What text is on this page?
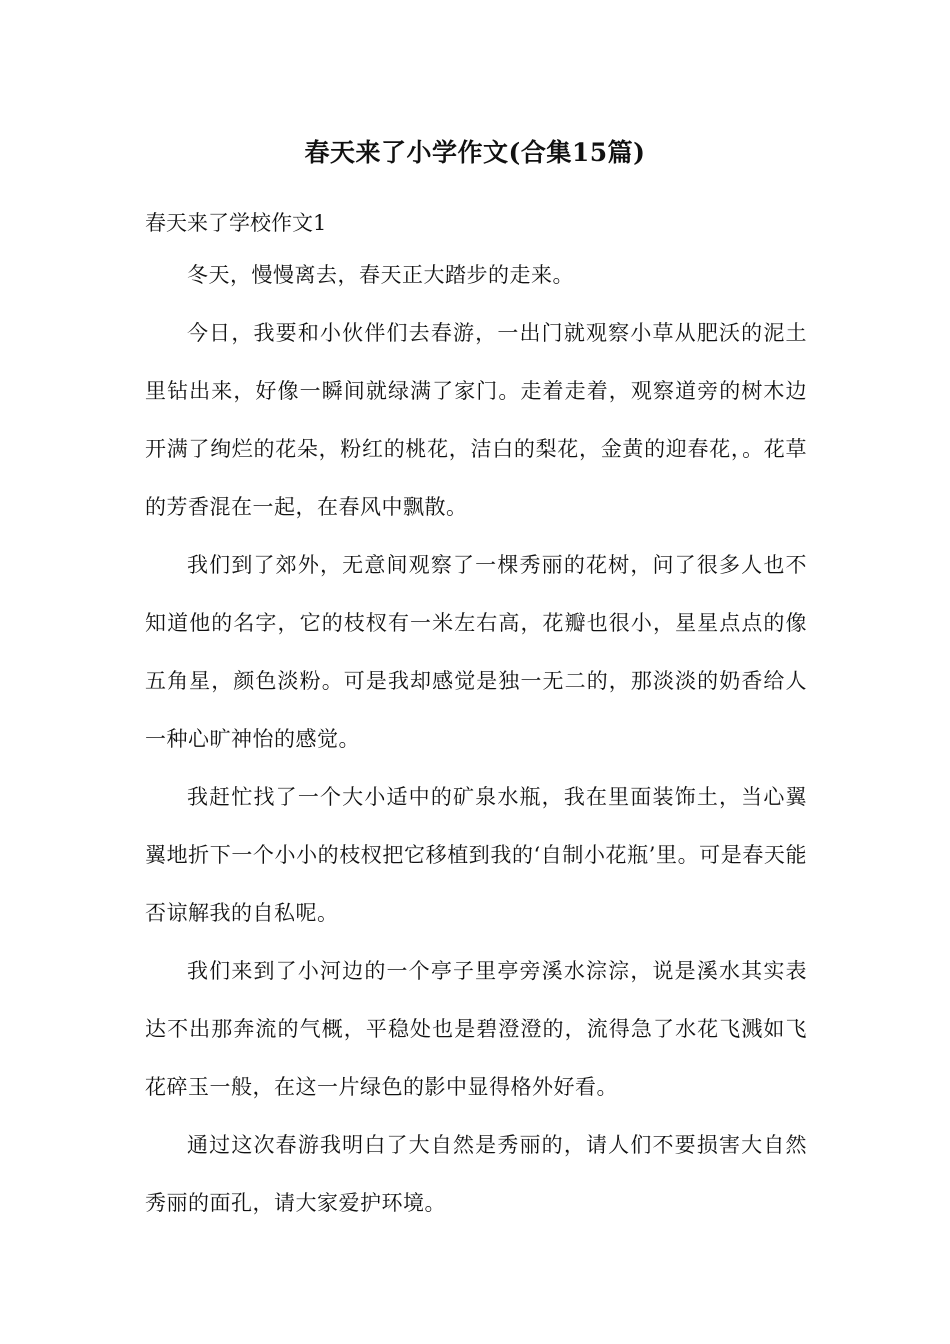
春天来了小学作文(合集15篇)
春天来了学校作文1

冬天，慢慢离去，春天正大踏步的走来。

今日，我要和小伙伴们去春游，一出门就观察小草从肥沃的泥土里钻出来，好像一瞬间就绿满了家门。走着走着，观察道旁的树木边开满了绚烂的花朵，粉红的桃花，洁白的梨花，金黄的迎春花，。花草的芳香混在一起，在春风中飘散。

我们到了郊外，无意间观察了一棵秀丽的花树，问了很多人也不知道他的名字，它的枝杈有一米左右高，花瓣也很小，星星点点的像五角星，颜色淡粉。可是我却感觉是独一无二的，那淡淡的奶香给人一种心旷神怡的感觉。

我赶忙找了一个大小适中的矿泉水瓶，我在里面装饰土，当心翼翼地折下一个小小的枝杈把它移植到我的‘自制小花瓶’里。可是春天能否谅解我的自私呢。

我们来到了小河边的一个亭子里亭旁溪水淙淙，说是溪水其实表达不出那奔流的气概，平稳处也是碧澄澄的，流得急了水花飞溅如飞花碎玉一般，在这一片绿色的影中显得格外好看。

通过这次春游我明白了大自然是秀丽的，请人们不要损害大自然秀丽的面孔，请大家爱护环境。
